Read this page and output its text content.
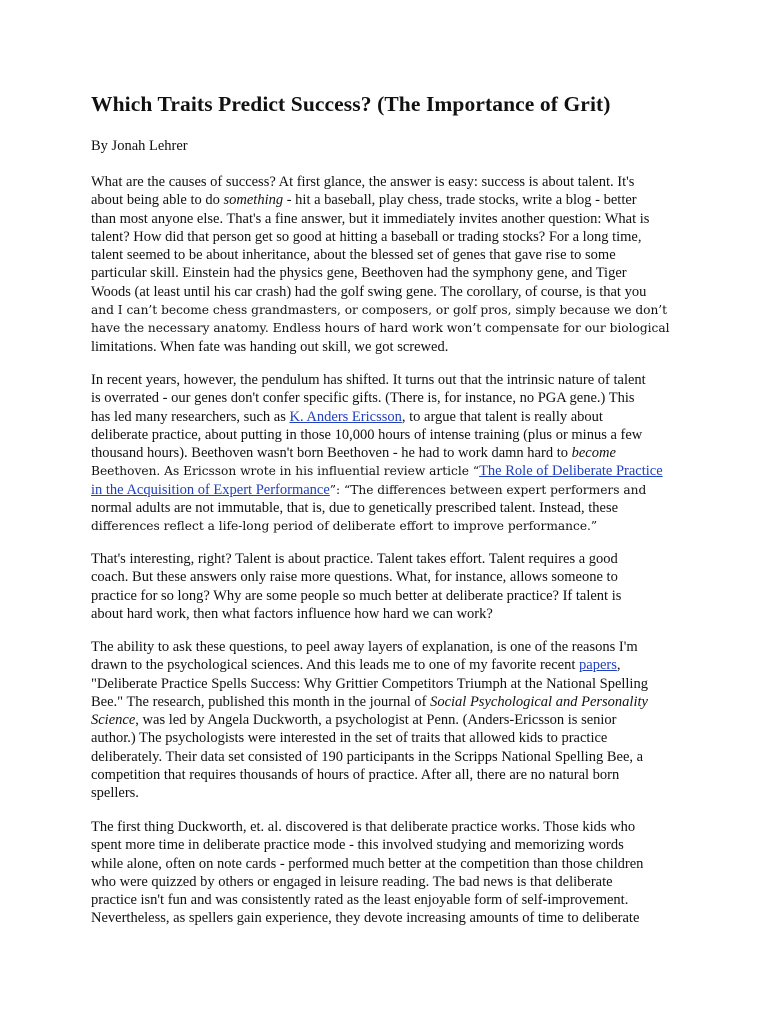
Which Traits Predict Success? (The Importance of Grit)

By Jonah Lehrer

What are the causes of success? At first glance, the answer is easy: success is about talent. It's
about being able to do something - hit a baseball, play chess, trade stocks, write a blog - better
than most anyone else. That's a fine answer, but it immediately invites another question: What is
talent? How did that person get so good at hitting a baseball or trading stocks? For a long time,
talent seemed to be about inheritance, about the blessed set of genes that gave rise to some
particular skill. Einstein had the physics gene, Beethoven had the symphony gene, and Tiger
Woods (at least until his car crash) had the golf swing gene. The corollary, of course, is that you
and I can’t become chess grandmasters, or composers, or golf pros, simply because we don’t
have the necessary anatomy. Endless hours of hard work won’t compensate for our biological
limitations. When fate was handing out skill, we got screwed.
In recent years, however, the pendulum has shifted. It turns out that the intrinsic nature of talent
is overrated - our genes don't confer specific gifts. (There is, for instance, no PGA gene.) This
has led many researchers, such as K. Anders Ericsson, to argue that talent is really about
deliberate practice, about putting in those 10,000 hours of intense training (plus or minus a few
thousand hours). Beethoven wasn't born Beethoven - he had to work damn hard to become
Beethoven. As Ericsson wrote in his influential review article “The Role of Deliberate Practice
in the Acquisition of Expert Performance”: “The differences between expert performers and
normal adults are not immutable, that is, due to genetically prescribed talent. Instead, these
differences reflect a life-long period of deliberate effort to improve performance.”
That's interesting, right? Talent is about practice. Talent takes effort. Talent requires a good
coach. But these answers only raise more questions. What, for instance, allows someone to
practice for so long? Why are some people so much better at deliberate practice? If talent is
about hard work, then what factors influence how hard we can work?
The ability to ask these questions, to peel away layers of explanation, is one of the reasons I'm
drawn to the psychological sciences. And this leads me to one of my favorite recent papers,
"Deliberate Practice Spells Success: Why Grittier Competitors Triumph at the National Spelling
Bee." The research, published this month in the journal of Social Psychological and Personality
Science, was led by Angela Duckworth, a psychologist at Penn. (Anders-Ericsson is senior
author.) The psychologists were interested in the set of traits that allowed kids to practice
deliberately. Their data set consisted of 190 participants in the Scripps National Spelling Bee, a
competition that requires thousands of hours of practice. After all, there are no natural born
spellers.
The first thing Duckworth, et. al. discovered is that deliberate practice works. Those kids who
spent more time in deliberate practice mode - this involved studying and memorizing words
while alone, often on note cards - performed much better at the competition than those children
who were quizzed by others or engaged in leisure reading. The bad news is that deliberate
practice isn't fun and was consistently rated as the least enjoyable form of self-improvement.
Nevertheless, as spellers gain experience, they devote increasing amounts of time to deliberate
